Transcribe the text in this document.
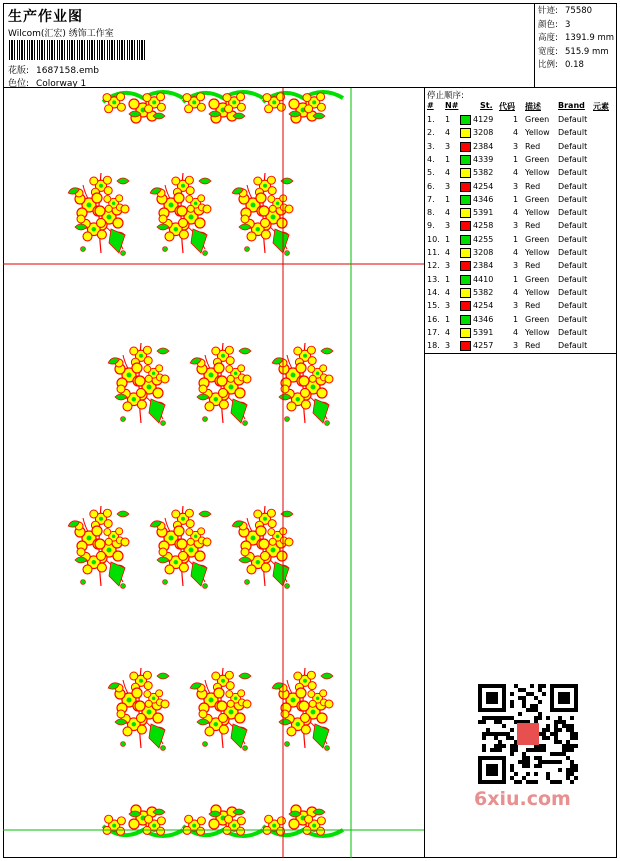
生产作业图
Wilcom(汇宏) 绣饰工作室
花版: 1687158.emb
色位: Colorway 1
针迹: 75580
颜色: 3
高度: 1391.9 mm
宽度: 515.9 mm
比例: 0.18
停止顺序:
# N#	St. 代码 描述 Brand 元素
1. 1	4129 1 Green Default
2. 4	3208 4 Yellow Default
3. 3	2384 3 Red Default
4. 1	4339 1 Green Default
5. 4	5382 4 Yellow Default
6. 3	4254 3 Red Default
7. 1	4346 1 Green Default
8. 4	5391 4 Yellow Default
9. 3	4258 3 Red Default
10. 1	4255 1 Green Default
11. 4	3208 4 Yellow Default
12. 3	2384 3 Red Default
13. 1	4410 1 Green Default
14. 4	5382 4 Yellow Default
15. 3	4254 3 Red Default
16. 1	4346 1 Green Default
17. 4	5391 4 Yellow Default
18. 3	4257 3 Red Default
6xiu.com
